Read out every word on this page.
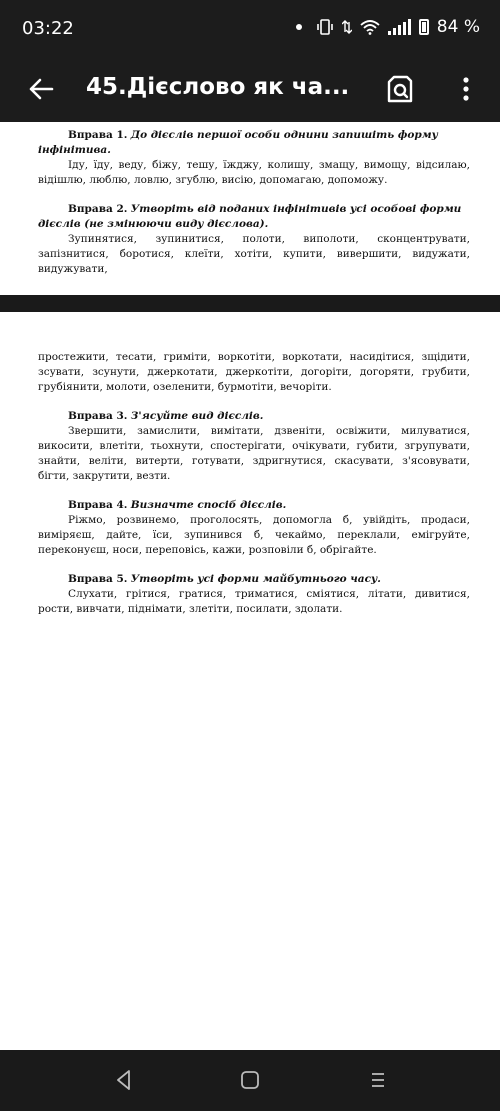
03:22	84 %
45.Дієслово як ча...
Вправа 1. До дієслів першої особи однини запишіть форму інфінітива.
Іду, їду, веду, біжу, тешу, їжджу, колишу, змащу, вимощу, відсилаю, відішлю, люблю, ловлю, згублю, висію, допомагаю, допоможу.
Вправа 2. Утворіть від поданих інфінітивів усі особові форми дієслів (не змінюючи виду дієслова).
Зупинятися, зупинитися, полоти, виполоти, сконцентрувати, запізнитися, боротися, клеїти, хотіти, купити, вивершити, видужати, видужувати,
простежити, тесати, гриміти, воркотіти, воркотати, насидітися, зщідити, зсувати, зсунути, джеркотати, джеркотіти, догоріти, догоряти, грубити, грубіянити, молоти, озеленити, бурмотіти, вечоріти.
Вправа 3. З'ясуйте вид дієслів.
Звершити, замислити, вимітати, дзвеніти, освіжити, милуватися, викосити, влетіти, тьохнути, спостерігати, очікувати, губити, згрупувати, знайти, веліти, витерти, готувати, здригнутися, скасувати, з'ясовувати, бігти, закрутити, везти.
Вправа 4. Визначте спосіб дієслів.
Ріжмо, розвинемо, проголосять, допомогла б, увійдіть, продаси, виміряєш, дайте, їси, зупинився б, чекаймо, переклали, емігруйте, переконуєш, носи, переповісь, кажи, розповіли б, обрігайте.
Вправа 5. Утворіть усі форми майбутнього часу.
Слухати, грітися, гратися, триматися, сміятися, літати, дивитися, рости, вивчати, піднімати, злетіти, посилати, здолати.
